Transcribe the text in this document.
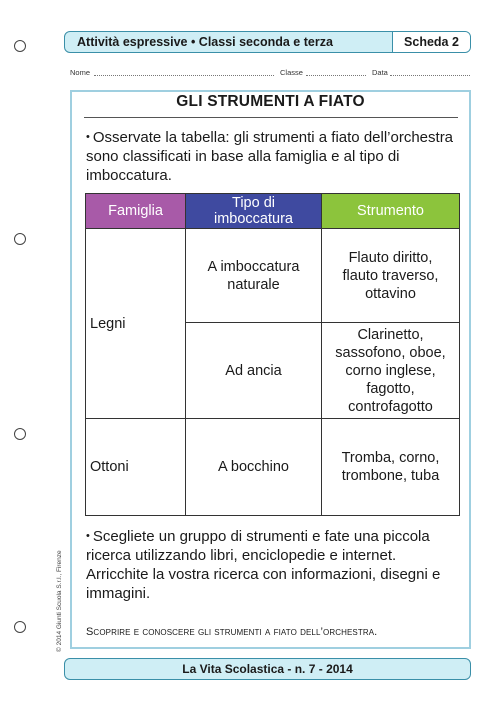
Attività espressive • Classi seconda e terza	Scheda 2
Nome	Classe	Data
GLI STRUMENTI A FIATO
• Osservate la tabella: gli strumenti a fiato dell’orchestra sono classificati in base alla famiglia e al tipo di imboccatura.
Famiglia	Tipo di imboccatura	Strumento
Legni	A imboccatura naturale	Flauto diritto, flauto traverso, ottavino

	Ad ancia	Clarinetto, sassofono, oboe, corno inglese, fagotto, controfagotto

Ottoni	A bocchino	Tromba, corno, trombone, tuba
• Scegliete un gruppo di strumenti e fate una piccola ricerca utilizzando libri, enciclopedie e internet. Arricchite la vostra ricerca con informazioni, disegni e immagini.
Scoprire e conoscere gli strumenti a fiato dell’orchestra.
© 2014 Giunti Scuola S.r.l., Firenze
La Vita Scolastica - n. 7 - 2014
